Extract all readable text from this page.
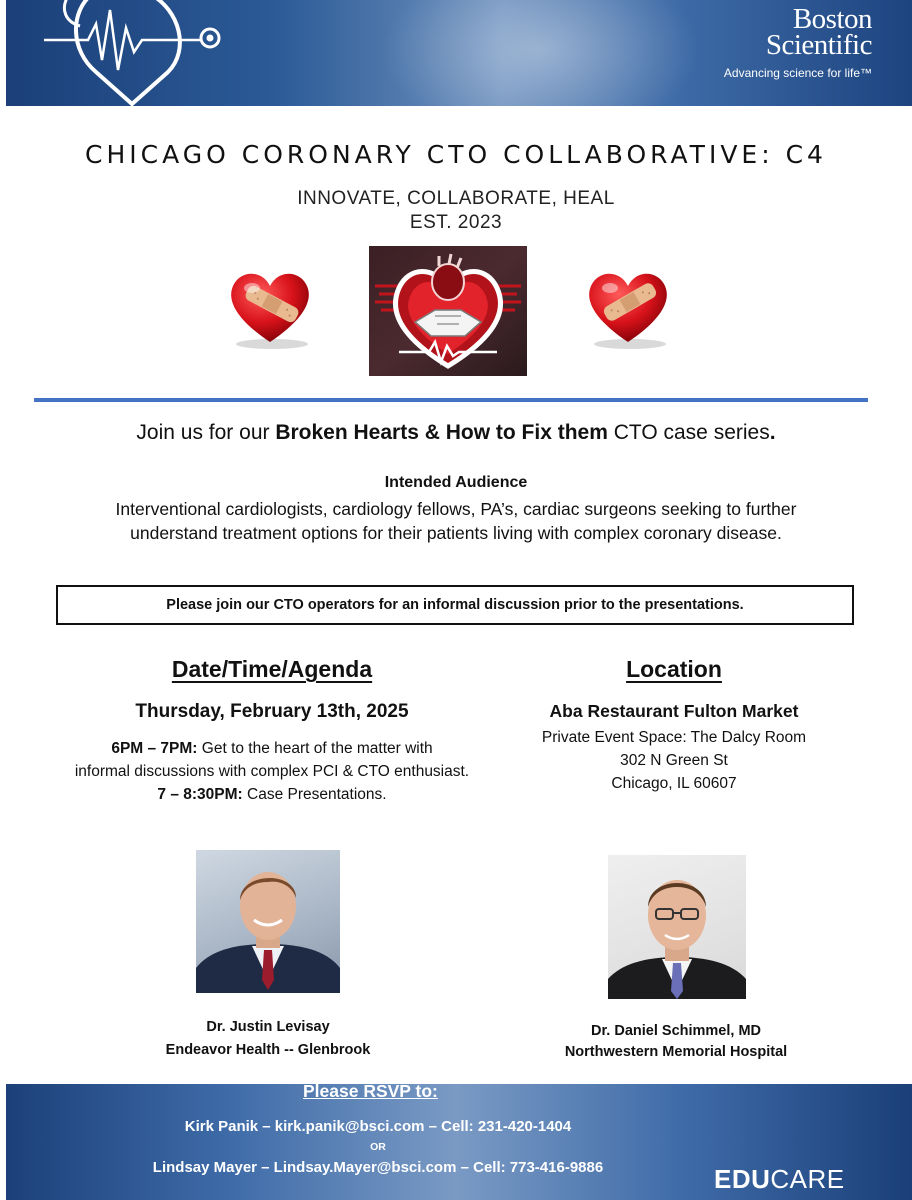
Boston
Scientific
Advancing science for life™
CHICAGO CORONARY CTO COLLABORATIVE: C4
INNOVATE, COLLABORATE, HEAL
EST. 2023
Join us for our Broken Hearts & How to Fix them CTO case series.
Intended Audience
Interventional cardiologists, cardiology fellows, PA’s, cardiac surgeons seeking to further understand treatment options for their patients living with complex coronary disease.
Please join our CTO operators for an informal discussion prior to the presentations.
Date/Time/Agenda
Thursday, February 13th, 2025
6PM – 7PM: Get to the heart of the matter with
informal discussions with complex PCI & CTO enthusiast.
7 – 8:30PM: Case Presentations.
Location
Aba Restaurant Fulton Market
Private Event Space: The Dalcy Room
302 N Green St
Chicago, IL 60607
Dr. Justin Levisay
Endeavor Health -- Glenbrook
Dr. Daniel Schimmel, MD
Northwestern Memorial Hospital
Please RSVP to:
Kirk Panik – kirk.panik@bsci.com – Cell: 231-420-1404
OR
Lindsay Mayer – Lindsay.Mayer@bsci.com – Cell: 773-416-9886	EDUCARE
